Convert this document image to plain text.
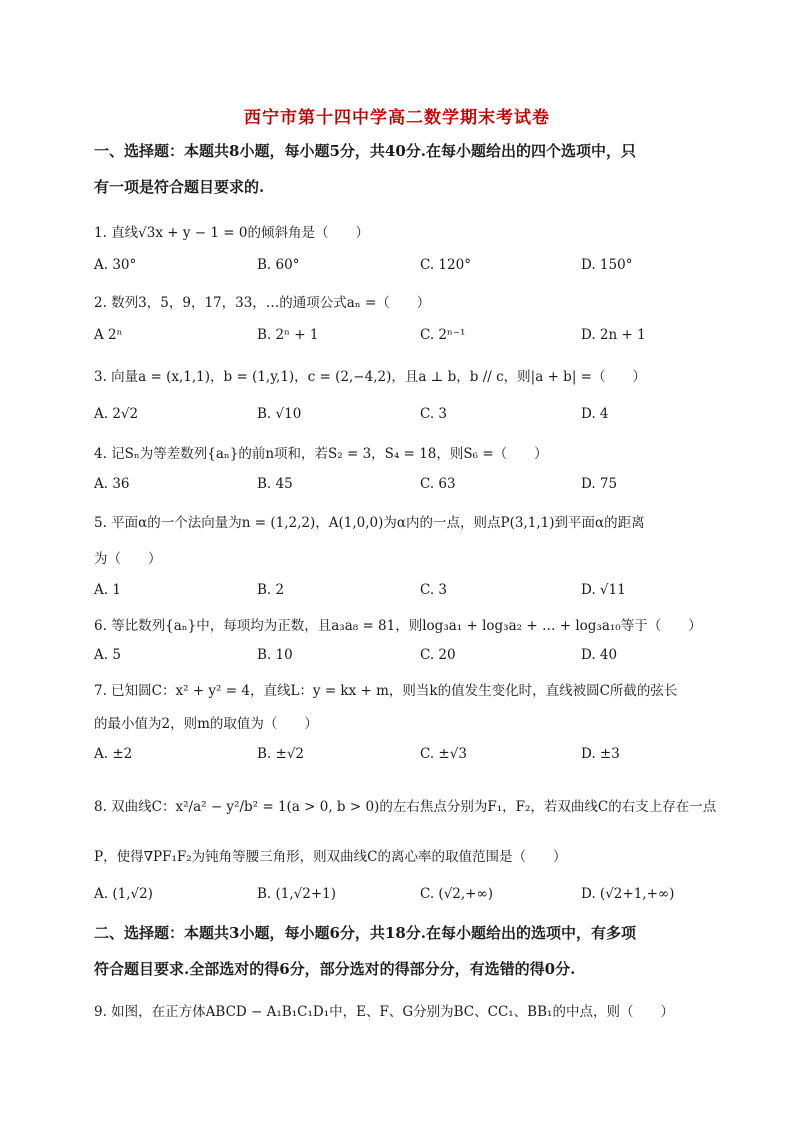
西宁市第十四中学高二数学期末考试卷
一、选择题：本题共8小题，每小题5分，共40分.在每小题给出的四个选项中，只
有一项是符合题目要求的.
1. 直线√3x + y − 1 = 0的倾斜角是（　　）
A. 30°	B. 60°	C. 120°	D. 150°
2. 数列3，5，9，17，33，…的通项公式aₙ =（　　）
A 2ⁿ	B. 2ⁿ + 1	C. 2ⁿ⁻¹	D. 2n + 1
3. 向量a = (x,1,1)，b = (1,y,1)，c = (2,−4,2)，且a ⊥ b，b // c，则|a + b| =（　　）
A. 2√2	B. √10	C. 3	D. 4
4. 记Sₙ为等差数列{aₙ}的前n项和，若S₂ = 3，S₄ = 18，则S₆ =（　　）
A. 36	B. 45	C. 63	D. 75
5. 平面α的一个法向量为n = (1,2,2)，A(1,0,0)为α内的一点，则点P(3,1,1)到平面α的距离
为（　　）
A. 1	B. 2	C. 3	D. √11
6. 等比数列{aₙ}中，每项均为正数，且a₃a₈ = 81，则log₃a₁ + log₃a₂ + … + log₃a₁₀等于（　　）
A. 5	B. 10	C. 20	D. 40
7. 已知圆C：x² + y² = 4，直线L：y = kx + m，则当k的值发生变化时，直线被圆C所截的弦长
的最小值为2，则m的取值为（　　）
A. ±2	B. ±√2	C. ±√3	D. ±3
8. 双曲线C：x²/a² − y²/b² = 1(a > 0, b > 0)的左右焦点分别为F₁，F₂，若双曲线C的右支上存在一点
P，使得∇PF₁F₂为钝角等腰三角形，则双曲线C的离心率的取值范围是（　　）
A. (1,√2)	B. (1,√2+1)	C. (√2,+∞)	D. (√2+1,+∞)
二、选择题：本题共3小题，每小题6分，共18分.在每小题给出的选项中，有多项
符合题目要求.全部选对的得6分，部分选对的得部分分，有选错的得0分.
9. 如图，在正方体ABCD − A₁B₁C₁D₁中，E、F、G分别为BC、CC₁、BB₁的中点，则（　　）
